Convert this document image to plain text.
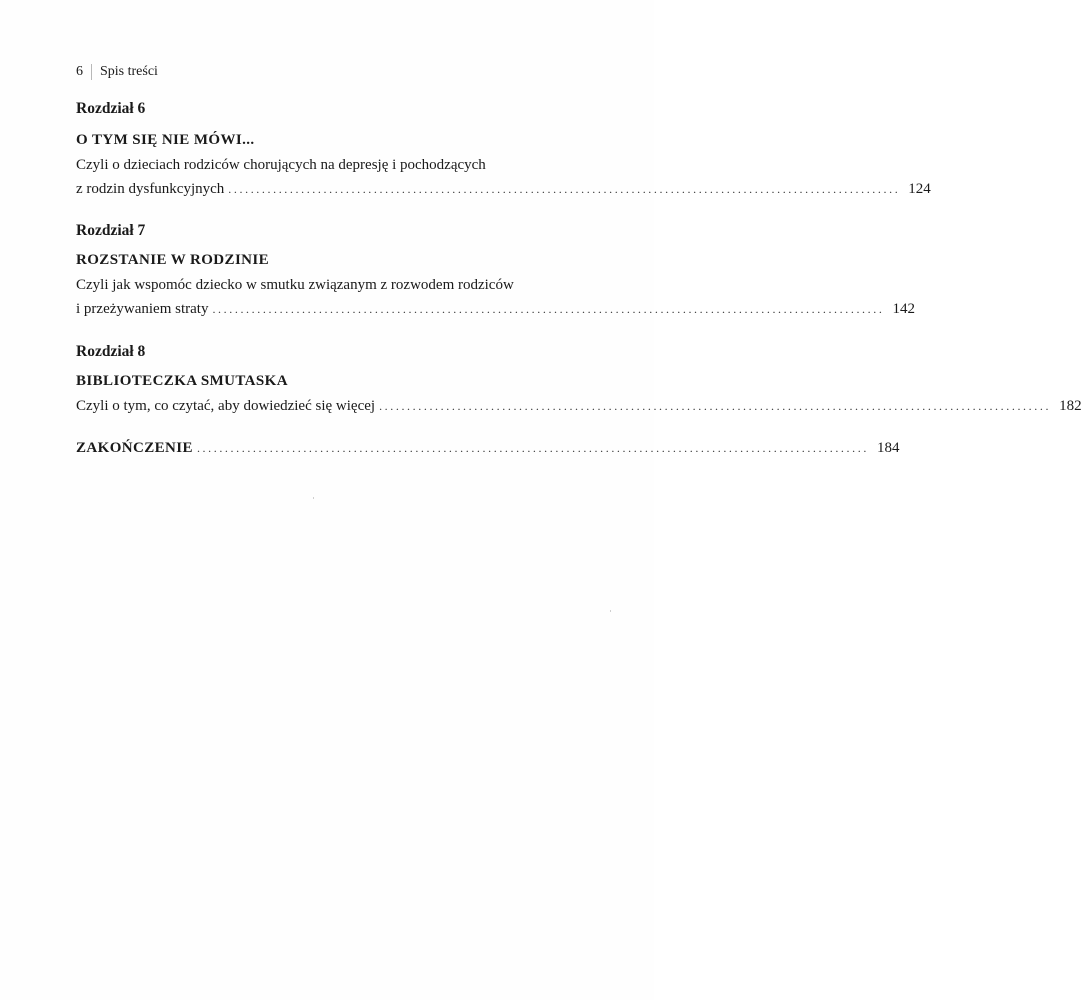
6	Spis treści
Rozdział 6
O TYM SIĘ NIE MÓWI...
Czyli o dzieciach rodziców chorujących na depresję i pochodzących
z rodzin dysfunkcyjnych ........................................................................................................................ 124
Rozdział 7
ROZSTANIE W RODZINIE
Czyli jak wspomóc dziecko w smutku związanym z rozwodem rodziców
i przeżywaniem straty ........................................................................................................................ 142
Rozdział 8
BIBLIOTECZKA SMUTASKA
Czyli o tym, co czytać, aby dowiedzieć się więcej ........................................................................................................................ 182
ZAKOŃCZENIE ........................................................................................................................ 184
